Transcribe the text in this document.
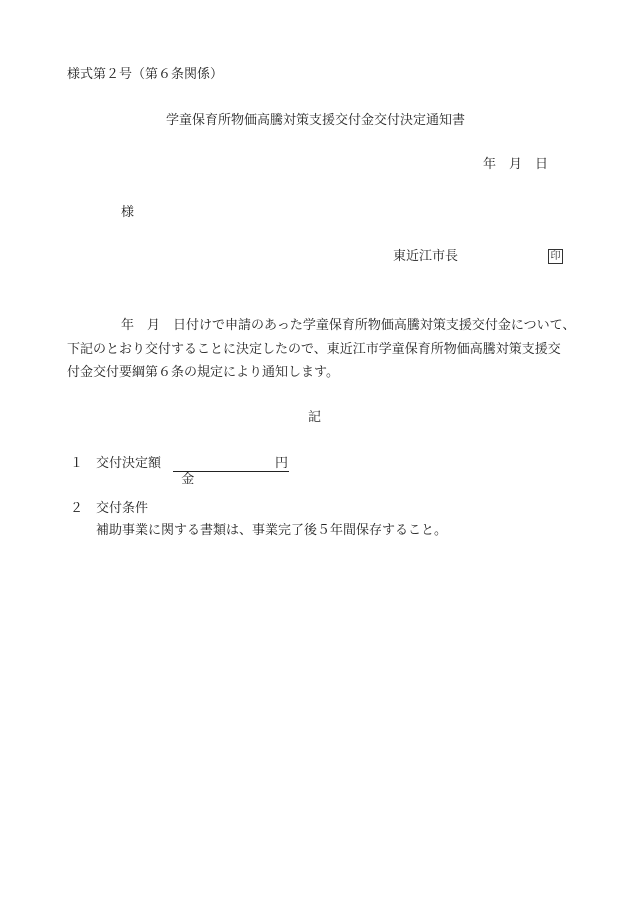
様式第２号（第６条関係）
学童保育所物価高騰対策支援交付金交付決定通知書
年　月　日
様
東近江市長	印
年　月　日付けで申請のあった学童保育所物価高騰対策支援交付金について、
下記のとおり交付することに決定したので、東近江市学童保育所物価高騰対策支援交
付金交付要綱第６条の規定により通知します。
記
１ 交付決定額

金

円

２ 交付条件
補助事業に関する書類は、事業完了後５年間保存すること。
